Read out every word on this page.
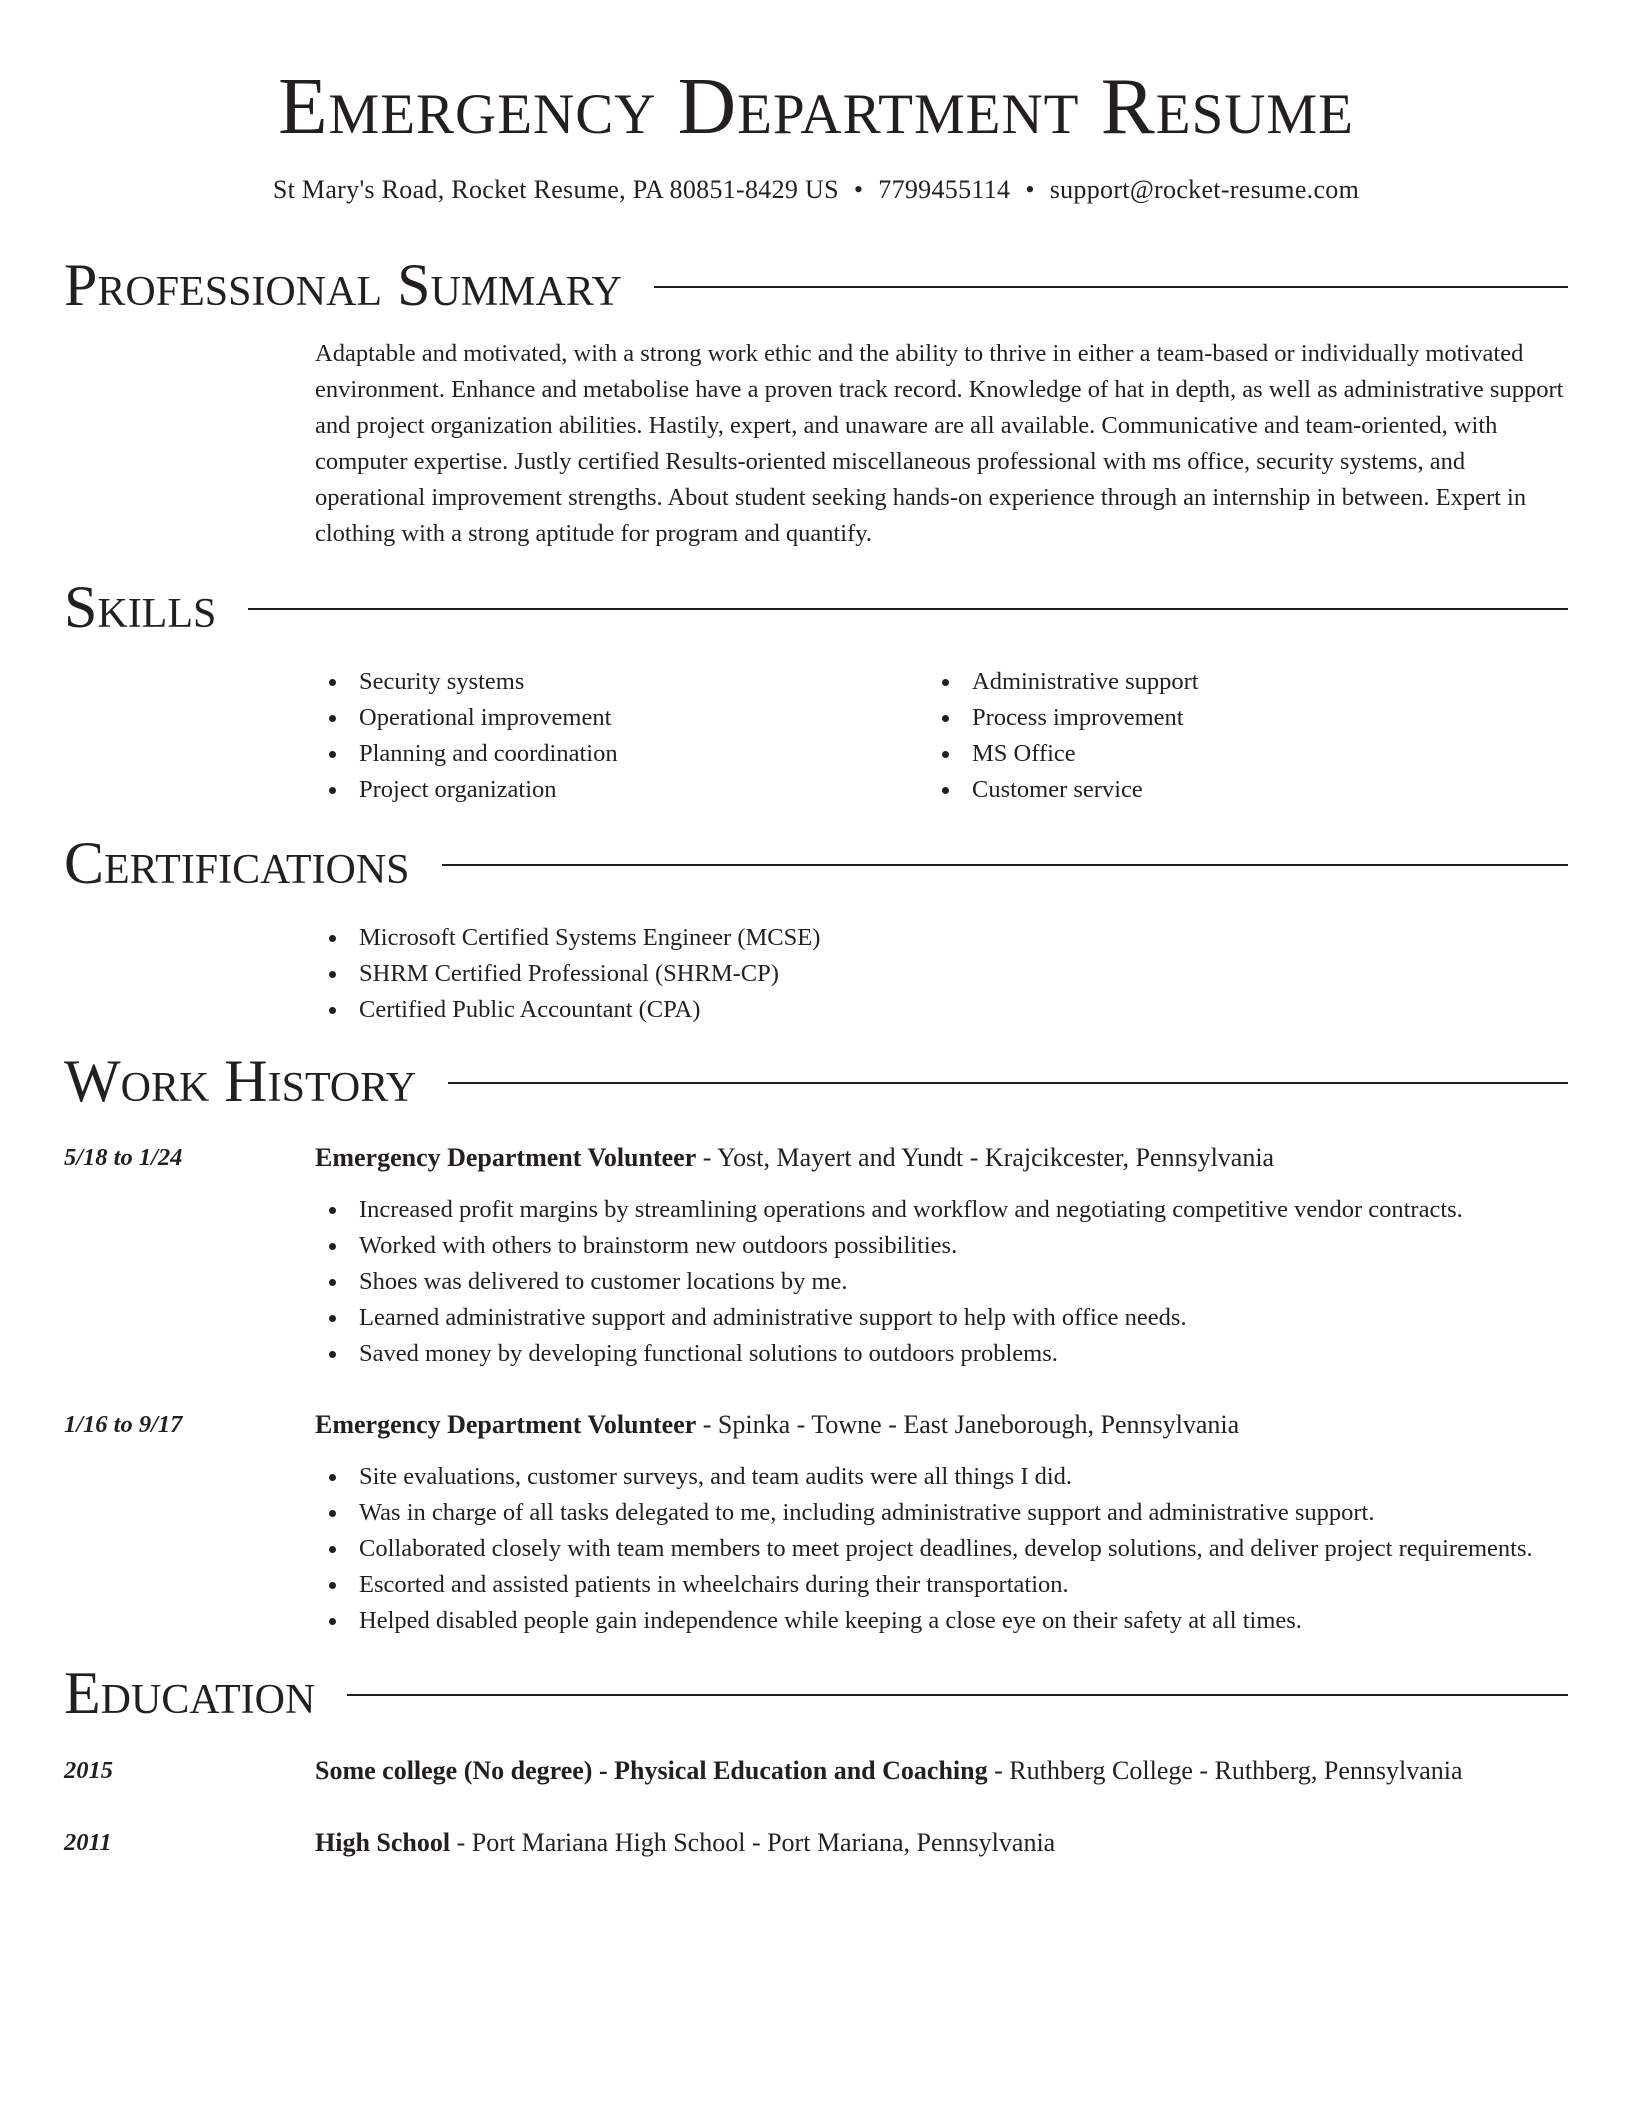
Emergency Department Resume
St Mary's Road, Rocket Resume, PA 80851-8429 US • 7799455114 • support@rocket-resume.com
Professional Summary
Adaptable and motivated, with a strong work ethic and the ability to thrive in either a team-based or individually motivated environment. Enhance and metabolise have a proven track record. Knowledge of hat in depth, as well as administrative support and project organization abilities. Hastily, expert, and unaware are all available. Communicative and team-oriented, with computer expertise. Justly certified Results-oriented miscellaneous professional with ms office, security systems, and operational improvement strengths. About student seeking hands-on experience through an internship in between. Expert in clothing with a strong aptitude for program and quantify.
Skills
Security systems
Operational improvement
Planning and coordination
Project organization
Administrative support
Process improvement
MS Office
Customer service
Certifications
Microsoft Certified Systems Engineer (MCSE)
SHRM Certified Professional (SHRM-CP)
Certified Public Accountant (CPA)
Work History
5/18 to 1/24	Emergency Department Volunteer - Yost, Mayert and Yundt - Krajcikcester, Pennsylvania
Increased profit margins by streamlining operations and workflow and negotiating competitive vendor contracts.
Worked with others to brainstorm new outdoors possibilities.
Shoes was delivered to customer locations by me.
Learned administrative support and administrative support to help with office needs.
Saved money by developing functional solutions to outdoors problems.
1/16 to 9/17	Emergency Department Volunteer - Spinka - Towne - East Janeborough, Pennsylvania
Site evaluations, customer surveys, and team audits were all things I did.
Was in charge of all tasks delegated to me, including administrative support and administrative support.
Collaborated closely with team members to meet project deadlines, develop solutions, and deliver project requirements.
Escorted and assisted patients in wheelchairs during their transportation.
Helped disabled people gain independence while keeping a close eye on their safety at all times.
Education
2015	Some college (No degree) - Physical Education and Coaching - Ruthberg College - Ruthberg, Pennsylvania
2011	High School - Port Mariana High School - Port Mariana, Pennsylvania
